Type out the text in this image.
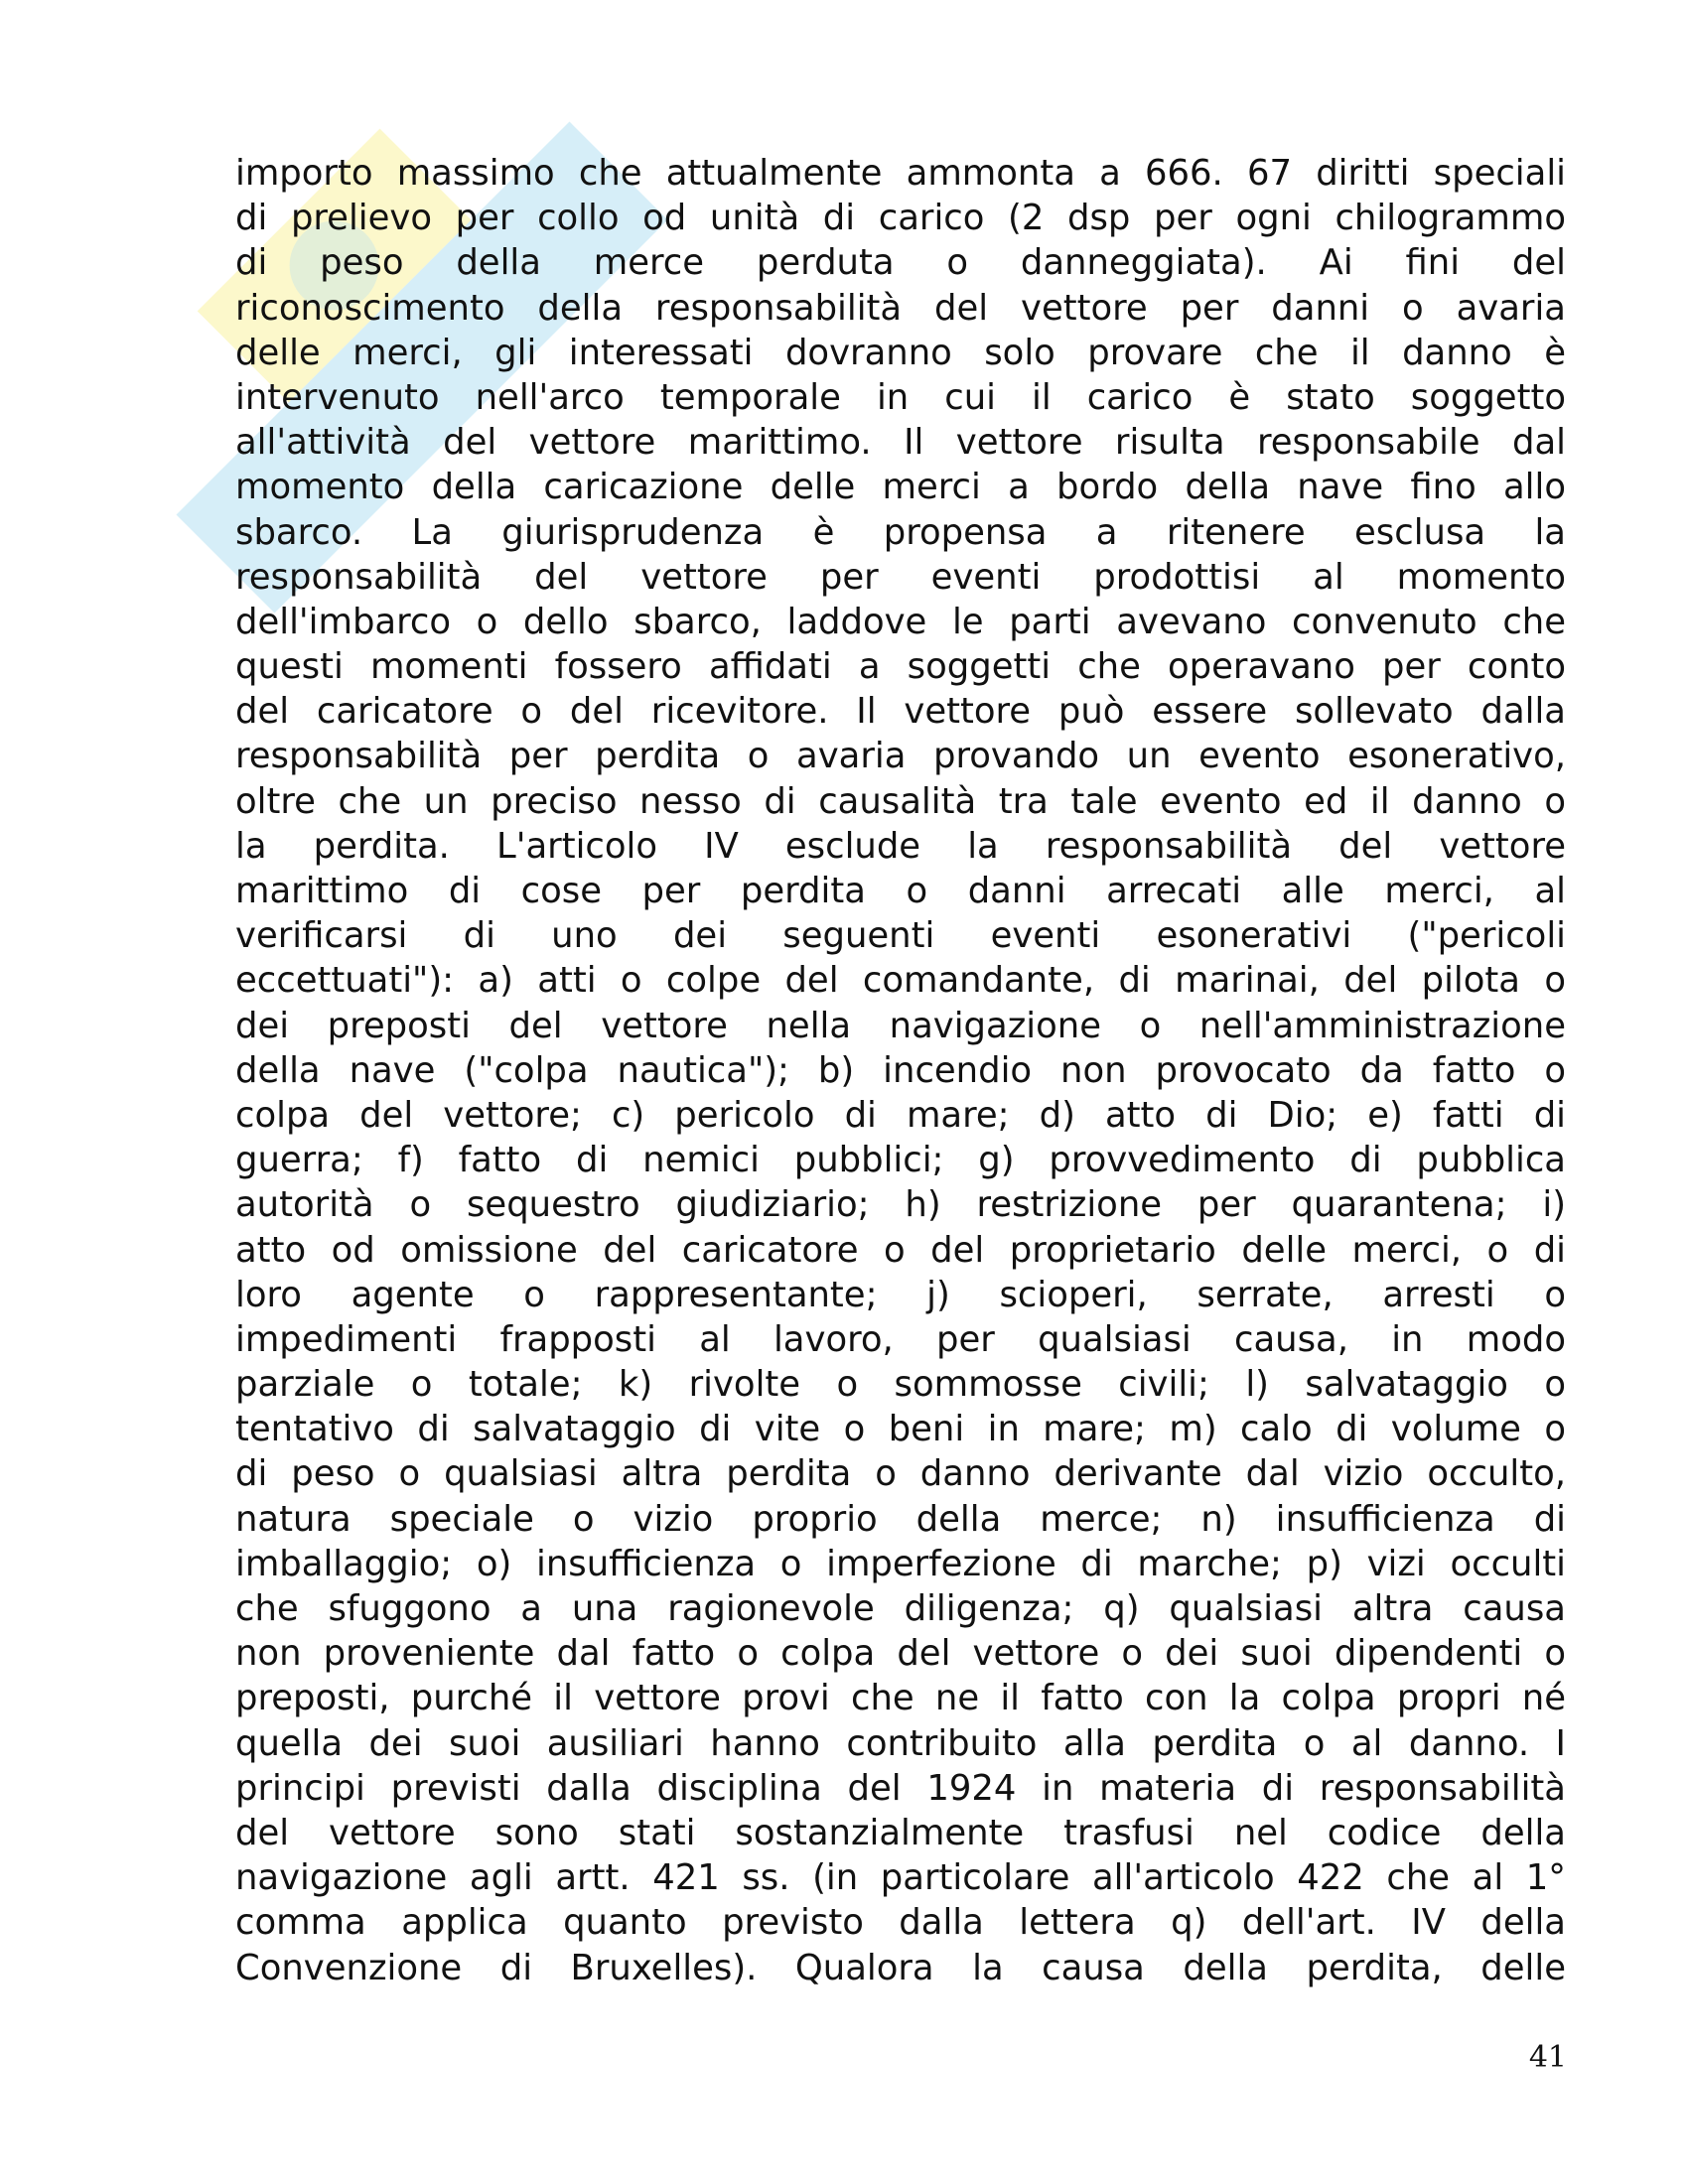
importo massimo che attualmente ammonta a 666. 67 diritti speciali
di prelievo per collo od unità di carico (2 dsp per ogni chilogrammo
di peso della merce perduta o danneggiata). Ai fini del
riconoscimento della responsabilità del vettore per danni o avaria
delle merci, gli interessati dovranno solo provare che il danno è
intervenuto nell'arco temporale in cui il carico è stato soggetto
all'attività del vettore marittimo. Il vettore risulta responsabile dal
momento della caricazione delle merci a bordo della nave fino allo
sbarco. La giurisprudenza è propensa a ritenere esclusa la
responsabilità del vettore per eventi prodottisi al momento
dell'imbarco o dello sbarco, laddove le parti avevano convenuto che
questi momenti fossero affidati a soggetti che operavano per conto
del caricatore o del ricevitore. Il vettore può essere sollevato dalla
responsabilità per perdita o avaria provando un evento esonerativo,
oltre che un preciso nesso di causalità tra tale evento ed il danno o
la perdita. L'articolo IV esclude la responsabilità del vettore
marittimo di cose per perdita o danni arrecati alle merci, al
verificarsi di uno dei seguenti eventi esonerativi ("pericoli
eccettuati"): a) atti o colpe del comandante, di marinai, del pilota o
dei preposti del vettore nella navigazione o nell'amministrazione
della nave ("colpa nautica"); b) incendio non provocato da fatto o
colpa del vettore; c) pericolo di mare; d) atto di Dio; e) fatti di
guerra; f) fatto di nemici pubblici; g) provvedimento di pubblica
autorità o sequestro giudiziario; h) restrizione per quarantena; i)
atto od omissione del caricatore o del proprietario delle merci, o di
loro agente o rappresentante; j) scioperi, serrate, arresti o
impedimenti frapposti al lavoro, per qualsiasi causa, in modo
parziale o totale; k) rivolte o sommosse civili; l) salvataggio o
tentativo di salvataggio di vite o beni in mare; m) calo di volume o
di peso o qualsiasi altra perdita o danno derivante dal vizio occulto,
natura speciale o vizio proprio della merce; n) insufficienza di
imballaggio; o) insufficienza o imperfezione di marche; p) vizi occulti
che sfuggono a una ragionevole diligenza; q) qualsiasi altra causa
non proveniente dal fatto o colpa del vettore o dei suoi dipendenti o
preposti, purché il vettore provi che ne il fatto con la colpa propri né
quella dei suoi ausiliari hanno contribuito alla perdita o al danno. I
principi previsti dalla disciplina del 1924 in materia di responsabilità
del vettore sono stati sostanzialmente trasfusi nel codice della
navigazione agli artt. 421 ss. (in particolare all'articolo 422 che al 1°
comma applica quanto previsto dalla lettera q) dell'art. IV della
Convenzione di Bruxelles). Qualora la causa della perdita, delle
41
